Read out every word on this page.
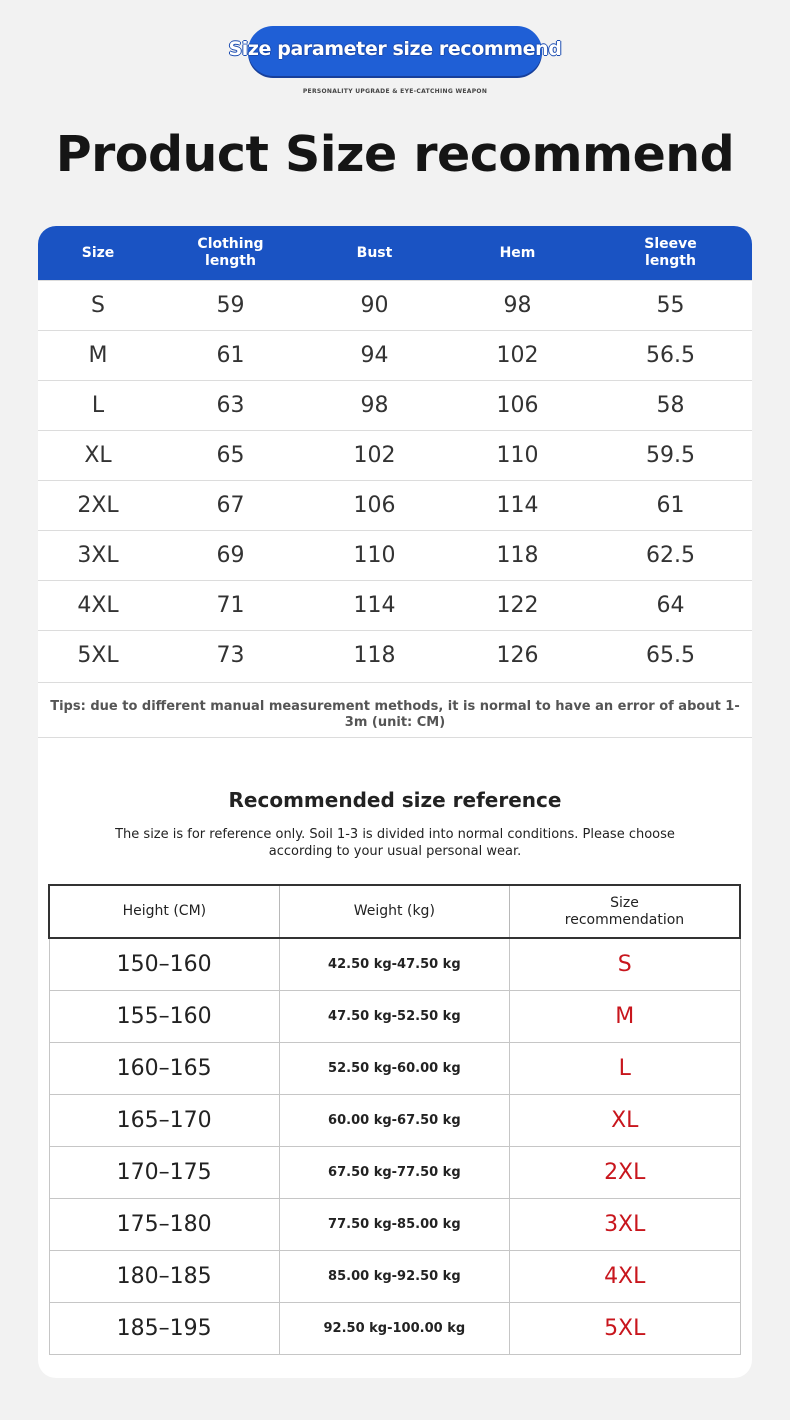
Size parameter size recommend
PERSONALITY UPGRADE & EYE-CATCHING WEAPON
Product Size recommend
Size	Clothing length	Bust	Hem	Sleeve length
S	59	90	98	55
M	61	94	102	56.5
L	63	98	106	58
XL	65	102	110	59.5
2XL	67	106	114	61
3XL	69	110	118	62.5
4XL	71	114	122	64
5XL	73	118	126	65.5
Tips: due to different manual measurement methods, it is normal to have an error of about 1-3m (unit: CM)
Recommended size reference
The size is for reference only. Soil 1-3 is divided into normal conditions. Please choose according to your usual personal wear.
Height (CM)	Weight (kg)	Size recommendation
150–160	42.50 kg-47.50 kg	S
155–160	47.50 kg-52.50 kg	M
160–165	52.50 kg-60.00 kg	L
165–170	60.00 kg-67.50 kg	XL
170–175	67.50 kg-77.50 kg	2XL
175–180	77.50 kg-85.00 kg	3XL
180–185	85.00 kg-92.50 kg	4XL
185–195	92.50 kg-100.00 kg	5XL
